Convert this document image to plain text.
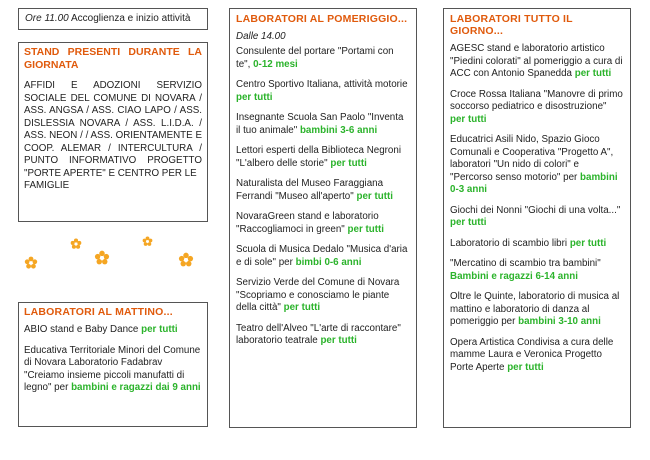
Ore 11.00 Accoglienza e inizio attività
STAND PRESENTI DURANTE LA
GIORNATA
AFFIDI E ADOZIONI SERVIZIO SOCIALE DEL COMUNE DI NOVARA / ASS. ANGSA / ASS. CIAO LAPO / ASS. DISLESSIA NOVARA / ASS. L.I.D.A. / ASS. NEON / / ASS. ORIENTAMENTE E COOP. ALEMAR / INTERCULTURA / PUNTO INFORMATIVO PROGETTO "PORTE APERTE" E CENTRO PER LE
FAMIGLIE
LABORATORI AL MATTINO...
ABIO stand e Baby Dance per tutti
Educativa Territoriale Minori del Comune di Novara Laboratorio Fadabrav "Creiamo insieme piccoli manufatti di legno" per bambini e ragazzi dai 9 anni
LABORATORI AL POMERIGGIO...
Dalle 14.00
Consulente del portare "Portami con te", 0-12 mesi
Centro Sportivo Italiana, attività motorie per tutti
Insegnante Scuola San Paolo "Inventa il tuo animale" bambini 3-6 anni
Lettori esperti della Biblioteca Negroni "L'albero delle storie" per tutti
Naturalista del Museo Faraggiana Ferrandi "Museo all'aperto" per tutti
NovaraGreen stand e laboratorio "Raccogliamoci in green" per tutti
Scuola di Musica Dedalo "Musica d'aria e di sole" per bimbi 0-6 anni
Servizio Verde del Comune di Novara "Scopriamo e conosciamo le piante della città" per tutti
Teatro dell'Alveo "L'arte di raccontare" laboratorio teatrale per tutti
LABORATORI TUTTO IL GIORNO...
AGESC stand e laboratorio artistico "Piedini colorati" al pomeriggio a cura di ACC con Antonio Spanedda per tutti
Croce Rossa Italiana "Manovre di primo soccorso pediatrico e disostruzione" per tutti
Educatrici Asili Nido, Spazio Gioco Comunali e Cooperativa "Progetto A", laboratori "Un nido di colori" e "Percorso senso motorio" per bambini 0-3 anni
Giochi dei Nonni "Giochi di una volta..." per tutti
Laboratorio di scambio libri per tutti
"Mercatino di scambio tra bambini"
Bambini e ragazzi 6-14 anni
Oltre le Quinte, laboratorio di musica al mattino e laboratorio di danza al pomeriggio per bambini 3-10 anni
Opera Artistica Condivisa a cura delle mamme Laura e Veronica Progetto Porte Aperte per tutti
